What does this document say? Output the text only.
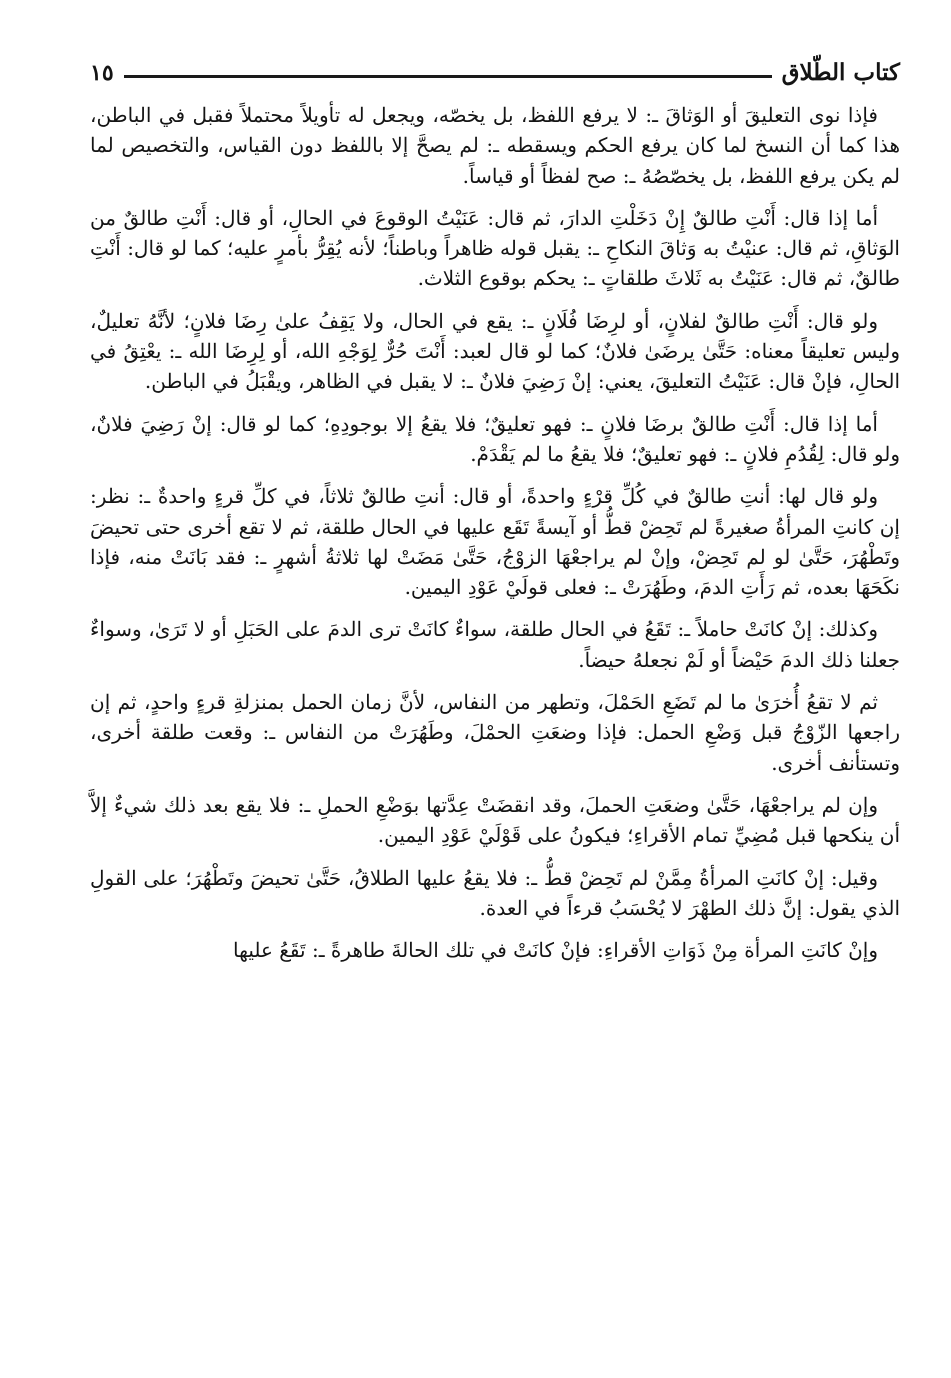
كتاب الطّلاق
١٥

فإذا نوى التعليقَ أو الوَثاقَ ـ: لا يرفع اللفظ، بل يخصّه، ويجعل له تأويلاً محتملاً فقبل في الباطن، هذا كما أن النسخ لما كان يرفع الحكم ويسقطه ـ: لم يصحَّ إلا باللفظ دون القياس، والتخصيص لما لم يكن يرفع اللفظ، بل يخصّصُهُ ـ: صح لفظاً أو قياساً.

أما إذا قال: أَنْتِ طالقٌ إِنْ دَخَلْتِ الدارَ، ثم قال: عَنَيْتُ الوقوعَ في الحالِ، أو قال: أَنْتِ طالقٌ من الوَثاقِ، ثم قال: عنيْتُ به وَثاقَ النكاحِ ـ: يقبل قوله ظاهراً وباطناً؛ لأنه يُقِرُّ بأمرٍ عليه؛ كما لو قال: أَنْتِ طالقٌ، ثم قال: عَنَيْتُ به ثَلاثَ طلقاتٍ ـ: يحكم بوقوع الثلاث.

ولو قال: أَنْتِ طالقٌ لفلانٍ، أو لرِضَا فُلَانٍ ـ: يقع في الحال، ولا يَقِفُ علىٰ رِضَا فلانٍ؛ لأنَّهُ تعليلٌ، وليس تعليقاً معناه: حَتَّىٰ يرضَىٰ فلانٌ؛ كما لو قال لعبد: أَنْتَ حُرٌّ لِوَجْهِ الله، أو لِرِضَا الله ـ: يعْتِقُ في الحالِ، فإنْ قال: عَنَيْتُ التعليقَ، يعني: إنْ رَضِيَ فلانٌ ـ: لا يقبل في الظاهر، ويقْبَلُ في الباطن.

أما إذا قال: أَنْتِ طالقٌ برضَا فلانٍ ـ: فهو تعليقٌ؛ فلا يقعُ إلا بوجودِهِ؛ كما لو قال: إنْ رَضِيَ فلانٌ، ولو قال: لِقُدُمِ فلانٍ ـ: فهو تعليقٌ؛ فلا يقعُ ما لم يَقْدَمْ.

ولو قال لها: أنتِ طالقٌ في كُلِّ قرْءٍ واحدةً، أو قال: أنتِ طالقٌ ثلاثاً، في كلِّ قرءٍ واحدةٌ ـ: نظر: إن كانتِ المرأةُ صغيرةً لم تَحِضْ قطُّ أو آيسةً تَقَع عليها في الحال طلقة، ثم لا تقع أخرى حتى تحيضَ وتَطْهُرَ، حَتَّىٰ لو لم تَحِضْ، وإنْ لم يراجعْهَا الزوْجُ، حَتَّىٰ مَضَتْ لها ثلاثةُ أشهرٍ ـ: فقد بَانَتْ منه، فإذا نكَحَهَا بعده، ثم رَأَتِ الدمَ، وطَهُرَتْ ـ: فعلى قولَيْ عَوْدِ اليمين.

وكذلك: إنْ كانَتْ حاملاً ـ: تَقَعُ في الحال طلقة، سواءٌ كانَتْ ترى الدمَ على الحَبَلِ أو لا تَرَىٰ، وسواءٌ جعلنا ذلك الدمَ حَيْضاً أو لَمْ نجعلهُ حيضاً.

ثم لا تقعُ أُخرَىٰ ما لم تَضَعِ الحَمْلَ، وتطهر من النفاس، لأنَّ زمان الحمل بمنزلةِ قرءٍ واحدٍ، ثم إن راجعها الزّوْجُ قبل وَضْعِ الحمل: فإذا وضعَتِ الحمْلَ، وطَهُرَتْ من النفاس ـ: وقعت طلقة أخرى، وتستأنف أخرى.

وإن لم يراجعْهَا، حَتَّىٰ وضعَتِ الحملَ، وقد انقضَتْ عِدَّتها بوَضْعِ الحملِ ـ: فلا يقع بعد ذلك شيءٌ إلاَّ أن ينكحها قبل مُضِيِّ تمام الأقراءِ؛ فيكونُ على قَوْلَيْ عَوْدِ اليمين.

وقيل: إنْ كانَتِ المرأةُ مِمَّنْ لم تَحِضْ قطُّ ـ: فلا يقعُ عليها الطلاقُ، حَتَّىٰ تحيضَ وتَطْهُرَ؛ على القولِ الذي يقول: إنَّ ذلك الطهْرَ لا يُحْسَبُ قرءاً في العدة.

وإنْ كانَتِ المرأة مِنْ ذَوَاتِ الأقراءِ: فإنْ كانَتْ في تلك الحالةَ طاهرةً ـ: تَقَعُ عليها
